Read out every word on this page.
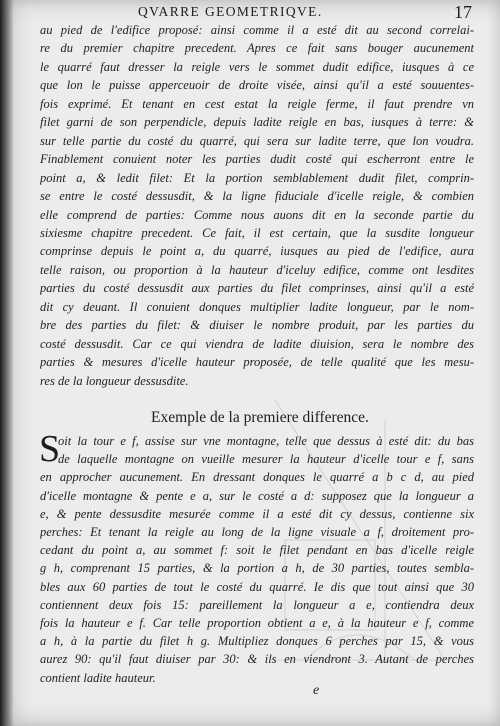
QVARRE GEOMETRIQVE.	17
au pied de l'edifice proposé: ainsi comme il a esté dit au second correlai-
re du premier chapitre precedent. Apres ce fait sans bouger aucunement
le quarré faut dresser la reigle vers le sommet dudit edifice, iusques à ce
que lon le puisse apperceuoir de droite visée, ainsi qu'il a esté souuentes-
fois exprimé. Et tenant en cest estat la reigle ferme, il faut prendre vn
filet garni de son perpendicle, depuis ladite reigle en bas, iusques à terre: &
sur telle partie du costé du quarré, qui sera sur ladite terre, que lon voudra.
Finablement conuient noter les parties dudit costé qui escherront entre le
point a, & ledit filet: Et la portion semblablement dudit filet, comprin-
se entre le costé dessusdit, & la ligne fiduciale d'icelle reigle, & combien
elle comprend de parties: Comme nous auons dit en la seconde partie du
sixiesme chapitre precedent. Ce fait, il est certain, que la susdite longueur
comprinse depuis le point a, du quarré, iusques au pied de l'edifice, aura
telle raison, ou proportion à la hauteur d'iceluy edifice, comme ont lesdites
parties du costé dessusdit aux parties du filet comprinses, ainsi qu'il a esté
dit cy deuant. Il conuient donques multiplier ladite longueur, par le nom-
bre des parties du filet: & diuiser le nombre produit, par les parties du
costé dessusdit. Car ce qui viendra de ladite diuision, sera le nombre des
parties & mesures d'icelle hauteur proposée, de telle qualité que les mesu-
res de la longueur dessusdite.
Exemple de la premiere difference.
S
oit la tour e f, assise sur vne montagne, telle que dessus à esté dit: du bas
de laquelle montagne on vueille mesurer la hauteur d'icelle tour e f, sans
en approcher aucunement. En dressant donques le quarré a b c d, au pied
d'icelle montagne & pente e a, sur le costé a d: supposez que la longueur a
e, & pente dessusdite mesurée comme il a esté dit cy dessus, contienne six
perches: Et tenant la reigle au long de la ligne visuale a f, droitement pro-
cedant du point a, au sommet f: soit le filet pendant en bas d'icelle reigle
g h, comprenant 15 parties, & la portion a h, de 30 parties, toutes sembla-
bles aux 60 parties de tout le costé du quarré. Ie dis que tout ainsi que 30
contiennent deux fois 15: pareillement la longueur a e, contiendra deux
fois la hauteur e f. Car telle proportion obtient a e, à la hauteur e f, comme
a h, à la partie du filet h g. Multipliez donques 6 perches par 15, & vous
aurez 90: qu'il faut diuiser par 30: & ils en viendront 3. Autant de perches
contient ladite hauteur.
e
